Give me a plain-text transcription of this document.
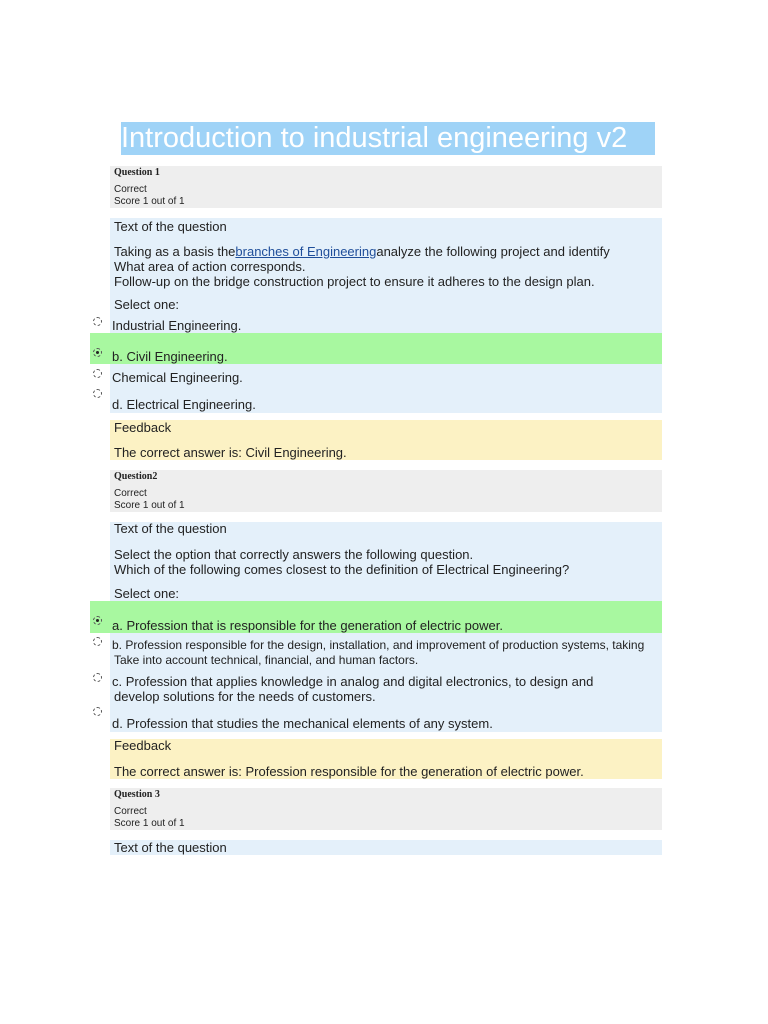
Introduction to industrial engineering v2
Question 1
Correct
Score 1 out of 1
Text of the question
Taking as a basis thebranches of Engineeringanalyze the following project and identify
What area of action corresponds.
Follow-up on the bridge construction project to ensure it adheres to the design plan.
Select one:
Industrial Engineering.
b. Civil Engineering.
Chemical Engineering.
d. Electrical Engineering.
Feedback
The correct answer is: Civil Engineering.
Question2
Correct
Score 1 out of 1
Text of the question
Select the option that correctly answers the following question.
Which of the following comes closest to the definition of Electrical Engineering?
Select one:
a. Profession that is responsible for the generation of electric power.
b. Profession responsible for the design, installation, and improvement of production systems, taking
Take into account technical, financial, and human factors.
c. Profession that applies knowledge in analog and digital electronics, to design and
develop solutions for the needs of customers.
d. Profession that studies the mechanical elements of any system.
Feedback
The correct answer is: Profession responsible for the generation of electric power.
Question 3
Correct
Score 1 out of 1
Text of the question
